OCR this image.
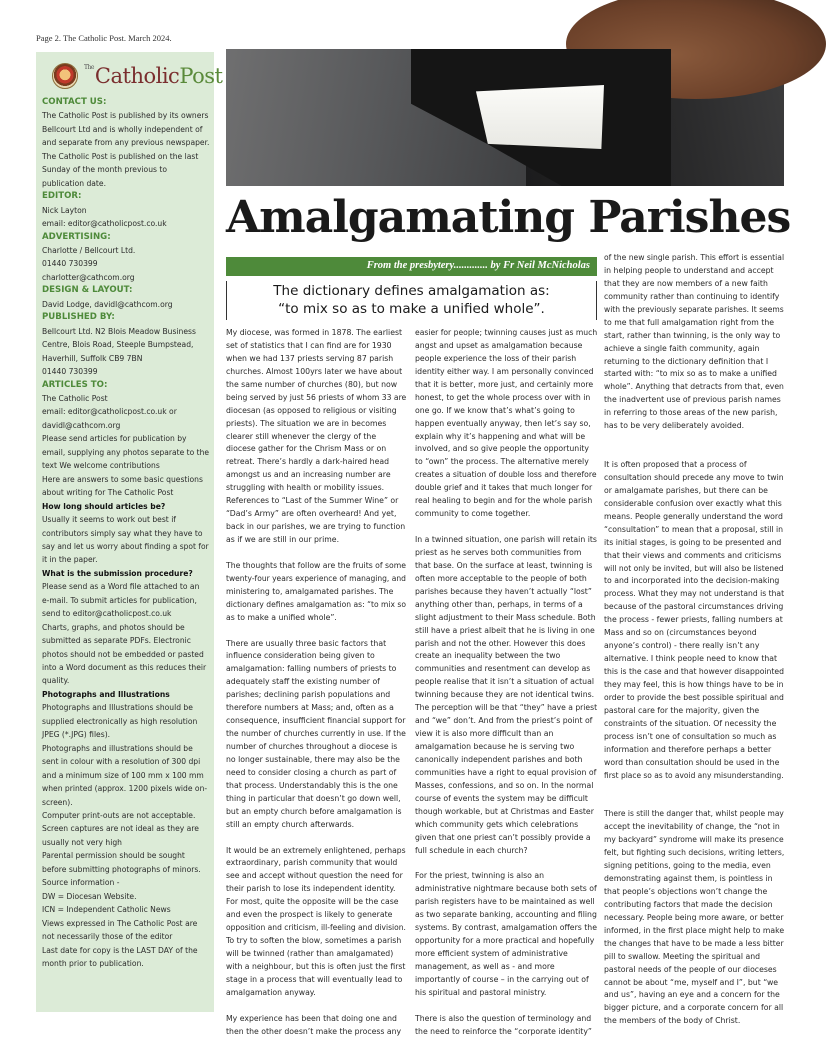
Page 2. The Catholic Post. March 2024.
$^{The}$CatholicPost
CONTACT US:
The Catholic Post is published by its owners
Bellcourt Ltd and is wholly independent of
and separate from any previous newspaper.
The Catholic Post is published on the last
Sunday of the month previous to
publication date.
EDITOR:
Nick Layton
email: editor@catholicpost.co.uk
ADVERTISING:
Charlotte / Bellcourt Ltd.
01440 730399
charlotter@cathcom.org
DESIGN & LAYOUT:
David Lodge, davidl@cathcom.org
PUBLISHED BY:
Bellcourt Ltd. N2 Blois Meadow Business
Centre, Blois Road, Steeple Bumpstead,
Haverhill, Suffolk CB9 7BN
01440 730399
ARTICLES TO:
The Catholic Post
email: editor@catholicpost.co.uk or
davidl@cathcom.org
Please send articles for publication by
email, supplying any photos separate to the
text We welcome contributions
Here are answers to some basic questions
about writing for The Catholic Post
How long should articles be?
Usually it seems to work out best if
contributors simply say what they have to
say and let us worry about finding a spot for
it in the paper.
What is the submission procedure?
Please send as a Word file attached to an
e-mail. To submit articles for publication,
send to editor@catholicpost.co.uk
Charts, graphs, and photos should be
submitted as separate PDFs. Electronic
photos should not be embedded or pasted
into a Word document as this reduces their
quality.
Photographs and Illustrations
Photographs and Illustrations should be
supplied electronically as high resolution
JPEG (*.JPG) files).
Photographs and illustrations should be
sent in colour with a resolution of 300 dpi
and a minimum size of 100 mm x 100 mm
when printed (approx. 1200 pixels wide on-
screen).
Computer print-outs are not acceptable.
Screen captures are not ideal as they are
usually not very high
Parental permission should be sought
before submitting photographs of minors.
Source information -
DW = Diocesan Website.
ICN = Independent Catholic News
Views expressed in The Catholic Post are
not necessarily those of the editor
Last date for copy is the LAST DAY of the
month prior to publication.
Amalgamating Parishes
From the presbytery............. by Fr Neil McNicholas
The dictionary defines amalgamation as:
“to mix so as to make a unified whole”.
My diocese, was formed in 1878. The earliest
set of statistics that I can find are for 1930
when we had 137 priests serving 87 parish
churches. Almost 100yrs later we have about
the same number of churches (80), but now
being served by just 56 priests of whom 33 are
diocesan (as opposed to religious or visiting
priests). The situation we are in becomes
clearer still whenever the clergy of the
diocese gather for the Chrism Mass or on
retreat. There’s hardly a dark-haired head
amongst us and an increasing number are
struggling with health or mobility issues.
References to “Last of the Summer Wine” or
“Dad’s Army” are often overheard! And yet,
back in our parishes, we are trying to function
as if we are still in our prime.
The thoughts that follow are the fruits of some
twenty-four years experience of managing, and
ministering to, amalgamated parishes. The
dictionary defines amalgamation as: “to mix so
as to make a unified whole”.
There are usually three basic factors that
influence consideration being given to
amalgamation: falling numbers of priests to
adequately staff the existing number of
parishes; declining parish populations and
therefore numbers at Mass; and, often as a
consequence, insufficient financial support for
the number of churches currently in use. If the
number of churches throughout a diocese is
no longer sustainable, there may also be the
need to consider closing a church as part of
that process. Understandably this is the one
thing in particular that doesn’t go down well,
but an empty church before amalgamation is
still an empty church afterwards.
It would be an extremely enlightened, perhaps
extraordinary, parish community that would
see and accept without question the need for
their parish to lose its independent identity.
For most, quite the opposite will be the case
and even the prospect is likely to generate
opposition and criticism, ill-feeling and division.
To try to soften the blow, sometimes a parish
will be twinned (rather than amalgamated)
with a neighbour, but this is often just the first
stage in a process that will eventually lead to
amalgamation anyway.
My experience has been that doing one and
then the other doesn’t make the process any
easier for people; twinning causes just as much
angst and upset as amalgamation because
people experience the loss of their parish
identity either way. I am personally convinced
that it is better, more just, and certainly more
honest, to get the whole process over with in
one go. If we know that’s what’s going to
happen eventually anyway, then let’s say so,
explain why it’s happening and what will be
involved, and so give people the opportunity
to “own” the process. The alternative merely
creates a situation of double loss and therefore
double grief and it takes that much longer for
real healing to begin and for the whole parish
community to come together.
In a twinned situation, one parish will retain its
priest as he serves both communities from
that base. On the surface at least, twinning is
often more acceptable to the people of both
parishes because they haven’t actually “lost”
anything other than, perhaps, in terms of a
slight adjustment to their Mass schedule. Both
still have a priest albeit that he is living in one
parish and not the other. However this does
create an inequality between the two
communities and resentment can develop as
people realise that it isn’t a situation of actual
twinning because they are not identical twins.
The perception will be that “they” have a priest
and “we” don’t. And from the priest’s point of
view it is also more difficult than an
amalgamation because he is serving two
canonically independent parishes and both
communities have a right to equal provision of
Masses, confessions, and so on. In the normal
course of events the system may be difficult
though workable, but at Christmas and Easter
which community gets which celebrations
given that one priest can’t possibly provide a
full schedule in each church?
For the priest, twinning is also an
administrative nightmare because both sets of
parish registers have to be maintained as well
as two separate banking, accounting and filing
systems. By contrast, amalgamation offers the
opportunity for a more practical and hopefully
more efficient system of administrative
management, as well as - and more
importantly of course – in the carrying out of
his spiritual and pastoral ministry.
There is also the question of terminology and
the need to reinforce the “corporate identity”
of the new single parish. This effort is essential
in helping people to understand and accept
that they are now members of a new faith
community rather than continuing to identify
with the previously separate parishes. It seems
to me that full amalgamation right from the
start, rather than twinning, is the only way to
achieve a single faith community, again
returning to the dictionary definition that I
started with: “to mix so as to make a unified
whole”. Anything that detracts from that, even
the inadvertent use of previous parish names
in referring to those areas of the new parish,
has to be very deliberately avoided.
It is often proposed that a process of
consultation should precede any move to twin
or amalgamate parishes, but there can be
considerable confusion over exactly what this
means. People generally understand the word
“consultation” to mean that a proposal, still in
its initial stages, is going to be presented and
that their views and comments and criticisms
will not only be invited, but will also be listened
to and incorporated into the decision-making
process. What they may not understand is that
because of the pastoral circumstances driving
the process - fewer priests, falling numbers at
Mass and so on (circumstances beyond
anyone’s control) - there really isn’t any
alternative. I think people need to know that
this is the case and that however disappointed
they may feel, this is how things have to be in
order to provide the best possible spiritual and
pastoral care for the majority, given the
constraints of the situation. Of necessity the
process isn’t one of consultation so much as
information and therefore perhaps a better
word than consultation should be used in the
first place so as to avoid any misunderstanding.
There is still the danger that, whilst people may
accept the inevitability of change, the “not in
my backyard” syndrome will make its presence
felt, but fighting such decisions, writing letters,
signing petitions, going to the media, even
demonstrating against them, is pointless in
that people’s objections won’t change the
contributing factors that made the decision
necessary. People being more aware, or better
informed, in the first place might help to make
the changes that have to be made a less bitter
pill to swallow. Meeting the spiritual and
pastoral needs of the people of our dioceses
cannot be about “me, myself and I”, but “we
and us”, having an eye and a concern for the
bigger picture, and a corporate concern for all
the members of the body of Christ.
